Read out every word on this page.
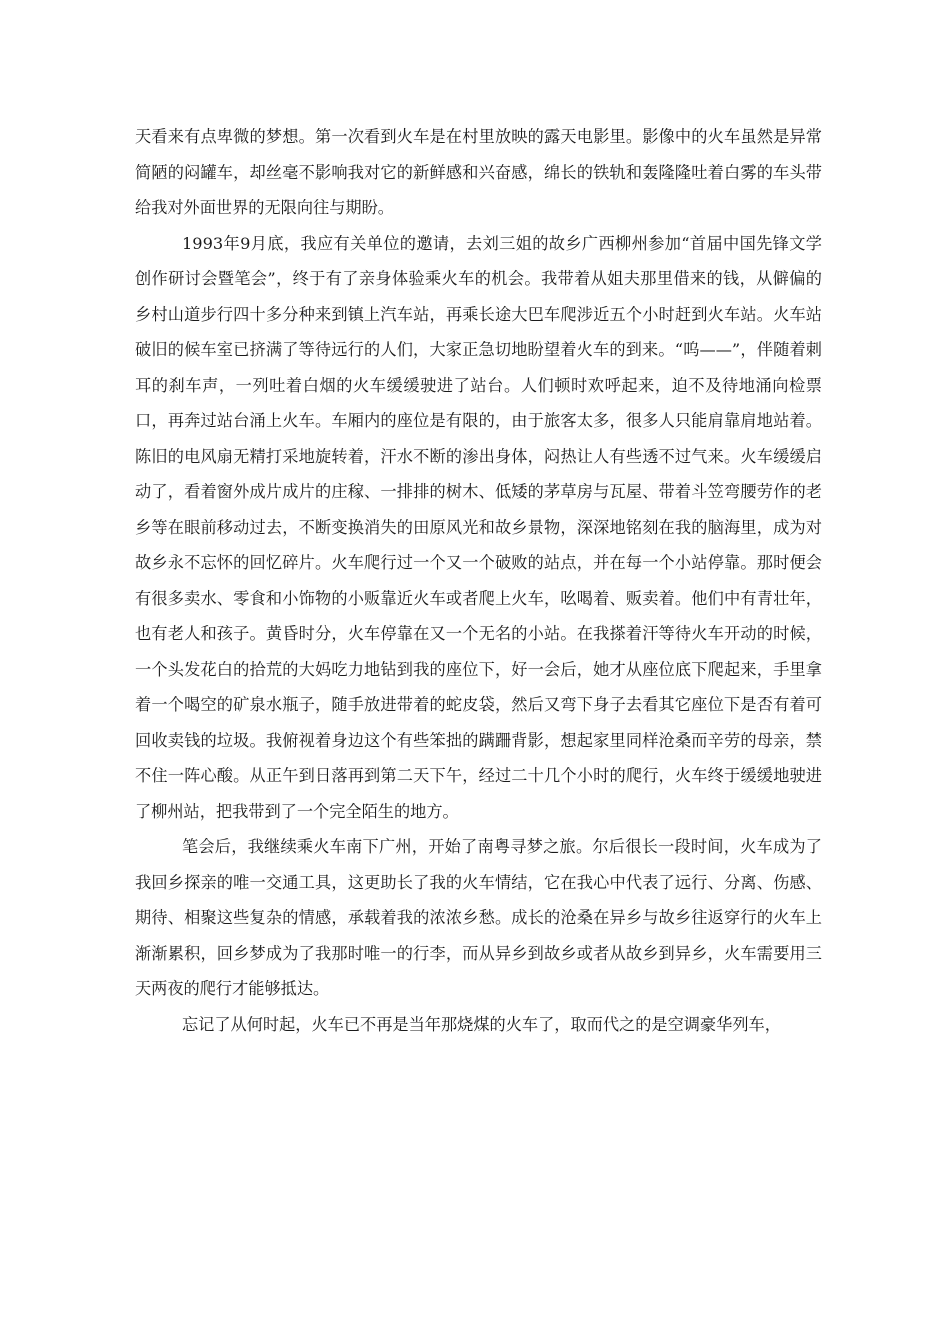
天看来有点卑微的梦想。第一次看到火车是在村里放映的露天电影里。影像中的火车虽然是异常简陋的闷罐车，却丝毫不影响我对它的新鲜感和兴奋感，绵长的铁轨和轰隆隆吐着白雾的车头带给我对外面世界的无限向往与期盼。

1993年9月底，我应有关单位的邀请，去刘三姐的故乡广西柳州参加“首届中国先锋文学创作研讨会暨笔会”，终于有了亲身体验乘火车的机会。我带着从姐夫那里借来的钱，从僻偏的乡村山道步行四十多分种来到镇上汽车站，再乘长途大巴车爬涉近五个小时赶到火车站。火车站破旧的候车室已挤满了等待远行的人们，大家正急切地盼望着火车的到来。“呜——”，伴随着刺耳的刹车声，一列吐着白烟的火车缓缓驶进了站台。人们顿时欢呼起来，迫不及待地涌向检票口，再奔过站台涌上火车。车厢内的座位是有限的，由于旅客太多，很多人只能肩靠肩地站着。陈旧的电风扇无精打采地旋转着，汗水不断的渗出身体，闷热让人有些透不过气来。火车缓缓启动了，看着窗外成片成片的庄稼、一排排的树木、低矮的茅草房与瓦屋、带着斗笠弯腰劳作的老乡等在眼前移动过去，不断变换消失的田原风光和故乡景物，深深地铭刻在我的脑海里，成为对故乡永不忘怀的回忆碎片。火车爬行过一个又一个破败的站点，并在每一个小站停靠。那时便会有很多卖水、零食和小饰物的小贩靠近火车或者爬上火车，吆喝着、贩卖着。他们中有青壮年，也有老人和孩子。黄昏时分，火车停靠在又一个无名的小站。在我搽着汗等待火车开动的时候，一个头发花白的拾荒的大妈吃力地钻到我的座位下，好一会后，她才从座位底下爬起来，手里拿着一个喝空的矿泉水瓶子，随手放进带着的蛇皮袋，然后又弯下身子去看其它座位下是否有着可回收卖钱的垃圾。我俯视着身边这个有些笨拙的蹒跚背影，想起家里同样沧桑而辛劳的母亲，禁不住一阵心酸。从正午到日落再到第二天下午，经过二十几个小时的爬行，火车终于缓缓地驶进了柳州站，把我带到了一个完全陌生的地方。

笔会后，我继续乘火车南下广州，开始了南粤寻梦之旅。尔后很长一段时间，火车成为了我回乡探亲的唯一交通工具，这更助长了我的火车情结，它在我心中代表了远行、分离、伤感、期待、相聚这些复杂的情感，承载着我的浓浓乡愁。成长的沧桑在异乡与故乡往返穿行的火车上渐渐累积，回乡梦成为了我那时唯一的行李，而从异乡到故乡或者从故乡到异乡，火车需要用三天两夜的爬行才能够抵达。

忘记了从何时起，火车已不再是当年那烧煤的火车了，取而代之的是空调豪华列车，
